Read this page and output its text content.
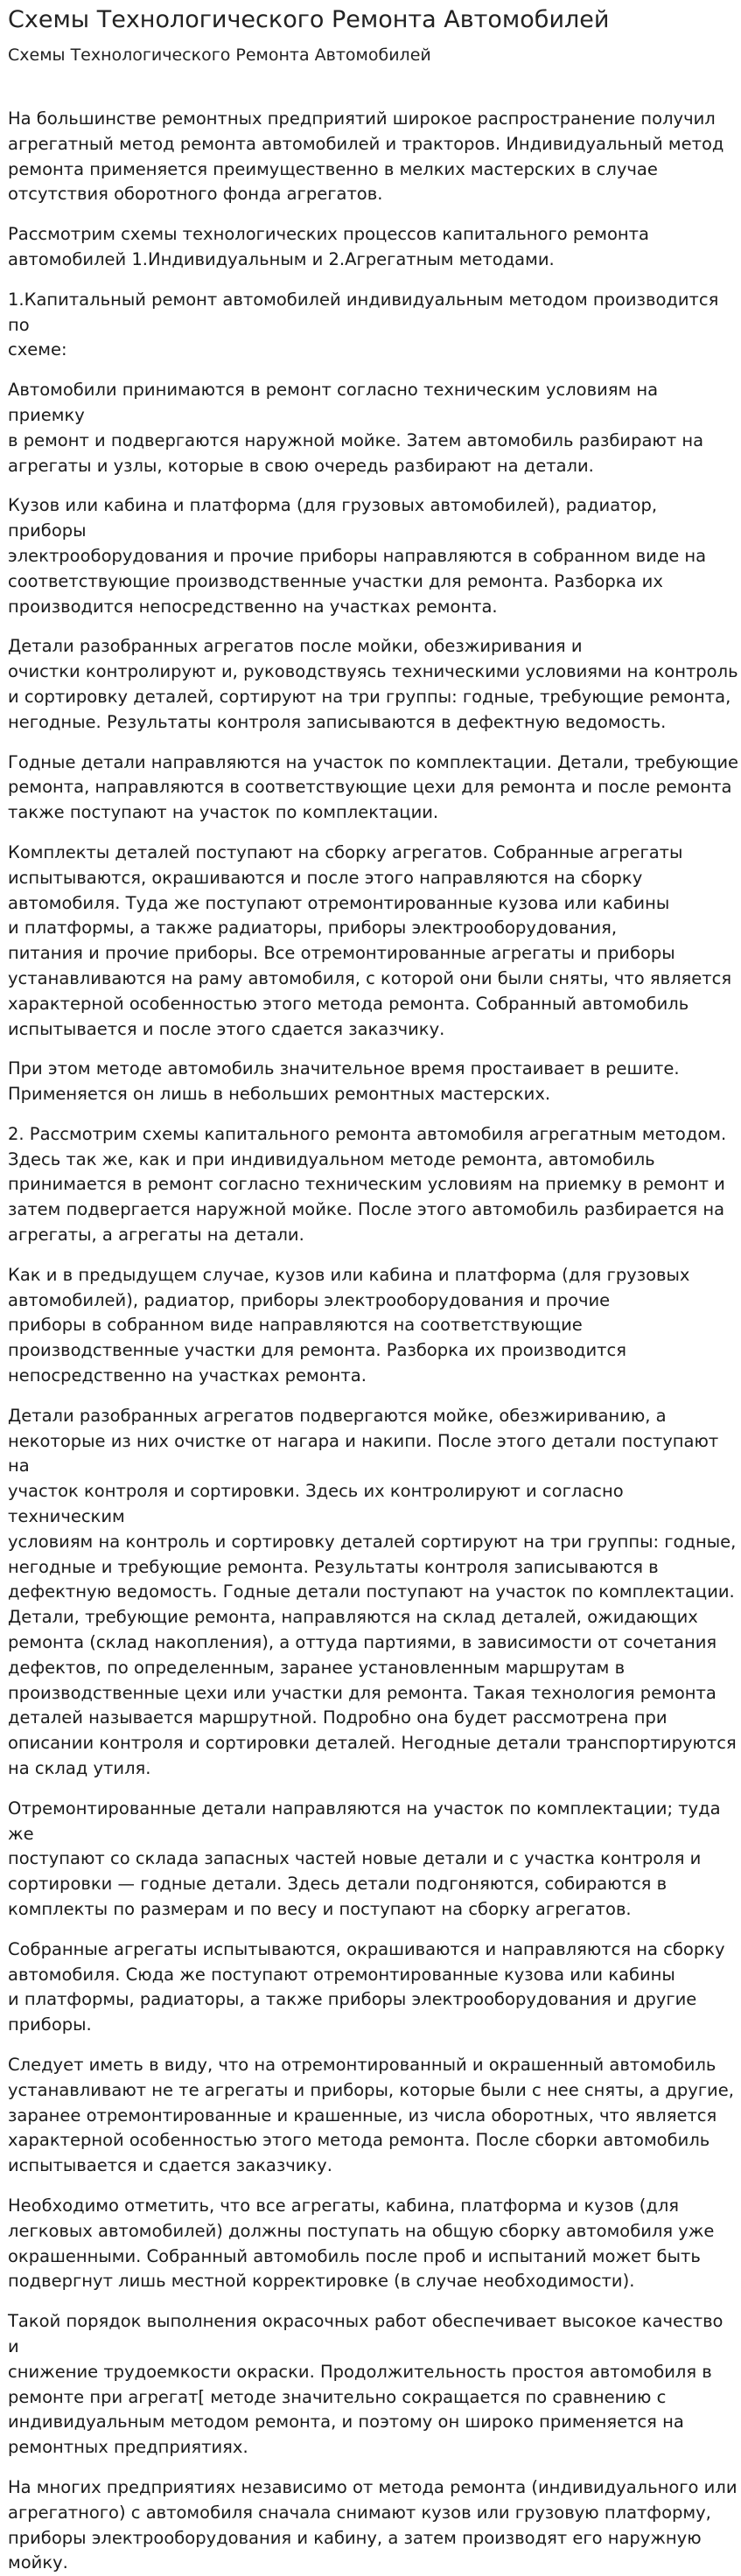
Схемы Технологического Ремонта Автомобилей
Схемы Технологического Ремонта Автомобилей

На большинстве ремонтных предприятий широкое распространение получил
агрегатный метод ремонта автомобилей и тракторов. Индивидуальный метод
ремонта применяется преимущественно в мелких мастерских в случае
отсутствия оборотного фонда агрегатов.

Рассмотрим схемы технологических процессов капитального ремонта
автомобилей 1.Индивидуальным и 2.Агрегатным методами.

1.Капитальный ремонт автомобилей индивидуальным методом производится по
схеме:

Автомобили принимаются в ремонт согласно техническим условиям на приемку
в ремонт и подвергаются наружной мойке. Затем автомобиль разбирают на
агрегаты и узлы, которые в свою очередь разбирают на детали.

Кузов или кабина и платформа (для грузовых автомобилей), радиатор, приборы
электрооборудования и прочие приборы направляются в собранном виде на
соответствующие производственные участки для ремонта. Разборка их
производится непосредственно на участках ремонта.

Детали разобранных агрегатов после мойки, обезжиривания и
очистки контролируют и, руководствуясь техническими условиями на контроль
и сортировку деталей, сортируют на три группы: годные, требующие ремонта,
негодные. Результаты контроля записываются в дефектную ведомость.

Годные детали направляются на участок по комплектации. Детали, требующие
ремонта, направляются в соответствующие цехи для ремонта и после ремонта
также поступают на участок по комплектации.

Комплекты деталей поступают на сборку агрегатов. Собранные агрегаты
испытываются, окрашиваются и после этого направляются на сборку
автомобиля. Туда же поступают отремонтированные кузова или кабины
и платформы, а также радиаторы, приборы электрооборудования,
питания и прочие приборы. Все отремонтированные агрегаты и приборы
устанавливаются на раму автомобиля, с которой они были сняты, что является
характерной особенностью этого метода ремонта. Собранный автомобиль
испытывается и после этого сдается заказчику.

При этом методе автомобиль значительное время простаивает в решите.
Применяется он лишь в небольших ремонтных мастерских.

2. Рассмотрим схемы капитального ремонта автомобиля агрегатным методом.
Здесь так же, как и при индивидуальном методе ремонта, автомобиль
принимается в ремонт согласно техническим условиям на приемку в ремонт и
затем подвергается наружной мойке. После этого автомобиль разбирается на
агрегаты, а агрегаты на детали.

Как и в предыдущем случае, кузов или кабина и платформа (для грузовых
автомобилей), радиатор, приборы электрооборудования и прочие
приборы в собранном виде направляются на соответствующие
производственные участки для ремонта. Разборка их производится
непосредственно на участках ремонта.

Детали разобранных агрегатов подвергаются мойке, обезжириванию, а
некоторые из них очистке от нагара и накипи. После этого детали поступают на
участок контроля и сортировки. Здесь их контролируют и согласно техническим
условиям на контроль и сортировку деталей сортируют на три группы: годные,
негодные и требующие ремонта. Результаты контроля записываются в
дефектную ведомость. Годные детали поступают на участок по комплектации.
Детали, требующие ремонта, направляются на склад деталей, ожидающих
ремонта (склад накопления), а оттуда партиями, в зависимости от сочетания
дефектов, по определенным, заранее установленным маршрутам в
производственные цехи или участки для ремонта. Такая технология ремонта
деталей называется маршрутной. Подробно она будет рассмотрена при
описании контроля и сортировки деталей. Негодные детали транспортируются
на склад утиля.

Отремонтированные детали направляются на участок по комплектации; туда же
поступают со склада запасных частей новые детали и с участка контроля и
сортировки — годные детали. Здесь детали подгоняются, собираются в
комплекты по размерам и по весу и поступают на сборку агрегатов.

Собранные агрегаты испытываются, окрашиваются и направляются на сборку
автомобиля. Сюда же поступают отремонтированные кузова или кабины
и платформы, радиаторы, а также приборы электрооборудования и другие
приборы.

Следует иметь в виду, что на отремонтированный и окрашенный автомобиль
устанавливают не те агрегаты и приборы, которые были с нее сняты, а другие,
заранее отремонтированные и крашенные, из числа оборотных, что является
характерной особенностью этого метода ремонта. После сборки автомобиль
испытывается и сдается заказчику.

Необходимо отметить, что все агрегаты, кабина, платформа и кузов (для
легковых автомобилей) должны поступать на общую сборку автомобиля уже
окрашенными. Собранный автомобиль после проб и испытаний может быть
подвергнут лишь местной корректировке (в случае необходимости).

Такой порядок выполнения окрасочных работ обеспечивает высокое качество и
снижение трудоемкости окраски. Продолжительность простоя автомобиля в
ремонте при агрегат[ методе значительно сокращается по сравнению с
индивидуальным методом ремонта, и поэтому он широко применяется на
ремонтных предприятиях.

На многих предприятиях независимо от метода ремонта (индивидуального или
агрегатного) с автомобиля сначала снимают кузов или грузовую платформу,
приборы электрооборудования и кабину, а затем производят его наружную
мойку.
